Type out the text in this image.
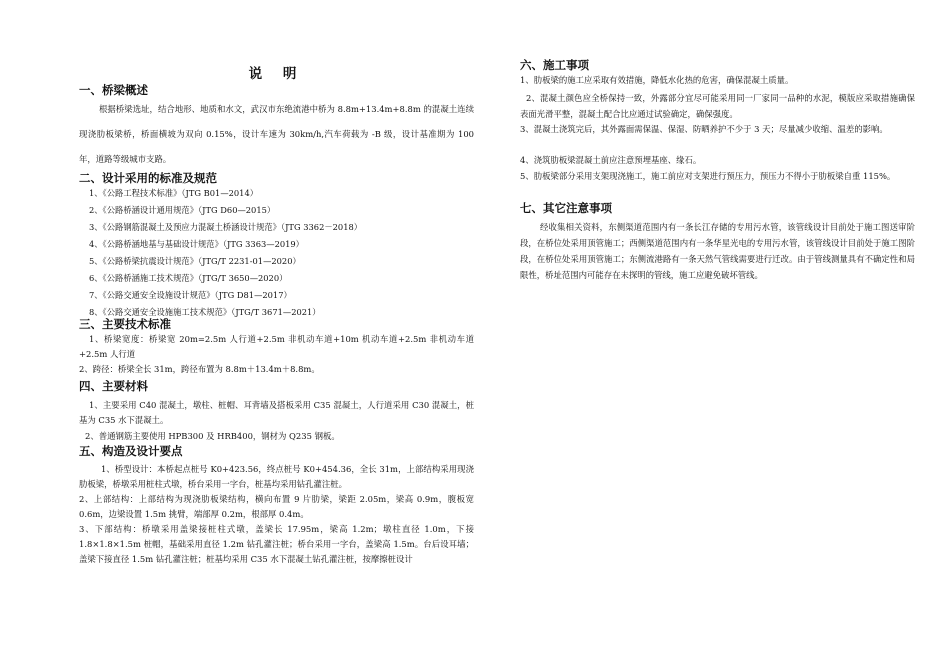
说 明
一、桥梁概述
根据桥梁选址，结合地形、地质和水文，武汉市东绝流港中桥为 8.8m+13.4m+8.8m 的混凝土连续现浇肋板梁桥，桥面横坡为双向 0.15%，设计车速为 30km/h,汽车荷载为 -B 级，设计基准期为 100 年，道路等级城市支路。
二、设计采用的标准及规范
1、《公路工程技术标准》（JTG B01—2014）
2、《公路桥涵设计通用规范》（JTG D60—2015）
3、《公路钢筋混凝土及预应力混凝土桥涵设计规范》（JTG 3362－2018）
4、《公路桥涵地基与基础设计规范》（JTG 3363—2019）
5、《公路桥梁抗震设计规范》（JTG/T 2231-01—2020）
6、《公路桥涵施工技术规范》（JTG/T 3650—2020）
7、《公路交通安全设施设计规范》（JTG D81—2017）
8、《公路交通安全设施施工技术规范》（JTG/T 3671—2021）
三、主要技术标准
1、桥梁宽度：桥梁宽 20m=2.5m 人行道+2.5m 非机动车道+10m 机动车道+2.5m 非机动车道+2.5m 人行道
2、跨径：桥梁全长 31m，跨径布置为 8.8m＋13.4m＋8.8m。
四、主要材料
1、主要采用 C40 混凝土，墩柱、桩帽、耳背墙及搭板采用 C35 混凝土，人行道采用 C30 混凝土，桩基为 C35 水下混凝土。
2、普通钢筋主要使用 HPB300 及 HRB400，钢材为 Q235 钢板。
五、构造及设计要点
1、桥型设计：本桥起点桩号 K0+423.56，终点桩号 K0+454.36，全长 31m，上部结构采用现浇肋板梁，桥墩采用桩柱式墩，桥台采用一字台，桩基均采用钻孔灌注桩。
2、上部结构：上部结构为现浇肋板梁结构，横向布置 9 片肋梁，梁距 2.05m，梁高 0.9m，腹板宽 0.6m，边梁设置 1.5m 挑臂，端部厚 0.2m，根部厚 0.4m。
3、下部结构：桥墩采用盖梁接桩柱式墩，盖梁长 17.95m，梁高 1.2m；墩柱直径 1.0m，下接 1.8×1.8×1.5m 桩帽，基础采用直径 1.2m 钻孔灌注桩；桥台采用一字台，盖梁高 1.5m。台后设耳墙；盖梁下接直径 1.5m 钻孔灌注桩；桩基均采用 C35 水下混凝土钻孔灌注桩，按摩擦桩设计
六、施工事项
1、肋板梁的施工应采取有效措施，降低水化热的危害，确保混凝土质量。
2、混凝土颜色应全桥保持一致，外露部分宜尽可能采用同一厂家同一品种的水泥，模版应采取措施确保表面光滑平整，混凝土配合比应通过试验确定，确保强度。
3、混凝土浇筑完后，其外露面需保温、保湿、防晒养护不少于 3 天；尽量减少收缩、温差的影响。
4、浇筑肋板梁混凝土前应注意预埋基座、缘石。
5、肋板梁部分采用支架现浇施工，施工前应对支架进行预压力，预压力不得小于肋板梁自重 115%。
七、其它注意事项
经收集相关资料，东侧渠道范围内有一条长江存储的专用污水管，该管线设计目前处于施工图送审阶段，在桥位处采用顶管施工；西侧渠道范围内有一条华星光电的专用污水管，该管线设计目前处于施工图阶段，在桥位处采用顶管施工；东侧流港路有一条天然气管线需要进行迁改。由于管线测量具有不确定性和局限性，桥址范围内可能存在未探明的管线，施工应避免破坏管线。
